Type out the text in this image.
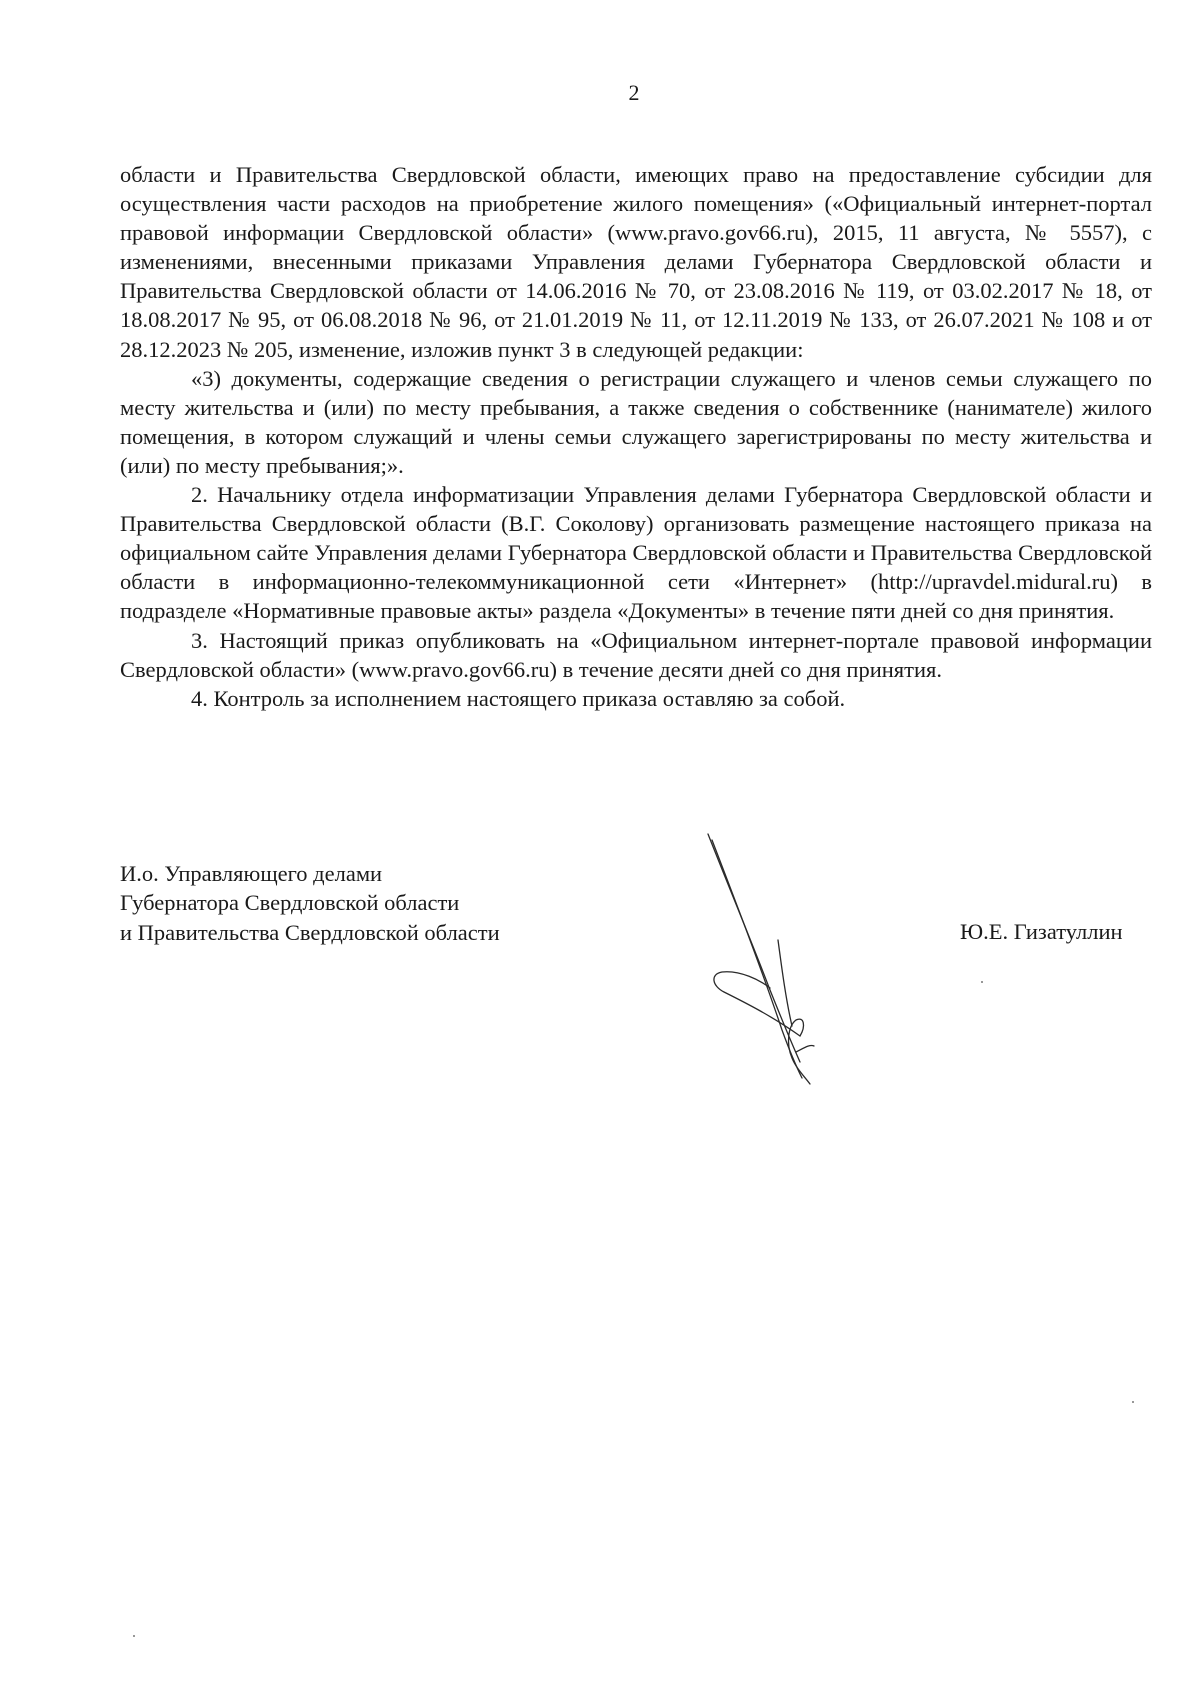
2

области и Правительства Свердловской области, имеющих право на предоставление субсидии для осуществления части расходов на приобретение жилого помещения» («Официальный интернет-портал правовой информации Свердловской области» (www.pravo.gov66.ru), 2015, 11 августа, № 5557), с изменениями, внесенными приказами Управления делами Губернатора Свердловской области и Правительства Свердловской области от 14.06.2016 № 70, от 23.08.2016 № 119, от 03.02.2017 № 18, от 18.08.2017 № 95, от 06.08.2018 № 96, от 21.01.2019 № 11, от 12.11.2019 № 133, от 26.07.2021 № 108 и от 28.12.2023 № 205, изменение, изложив пункт 3 в следующей редакции:

«3) документы, содержащие сведения о регистрации служащего и членов семьи служащего по месту жительства и (или) по месту пребывания, а также сведения о собственнике (нанимателе) жилого помещения, в котором служащий и члены семьи служащего зарегистрированы по месту жительства и (или) по месту пребывания;».

2. Начальнику отдела информатизации Управления делами Губернатора Свердловской области и Правительства Свердловской области (В.Г. Соколову) организовать размещение настоящего приказа на официальном сайте Управления делами Губернатора Свердловской области и Правительства Свердловской области в информационно-телекоммуникационной сети «Интернет» (http://upravdel.midural.ru) в подразделе «Нормативные правовые акты» раздела «Документы» в течение пяти дней со дня принятия.

3. Настоящий приказ опубликовать на «Официальном интернет-портале правовой информации Свердловской области» (www.pravo.gov66.ru) в течение десяти дней со дня принятия.

4. Контроль за исполнением настоящего приказа оставляю за собой.

И.о. Управляющего делами
Губернатора Свердловской области
и Правительства Свердловской области	Ю.Е. Гизатуллин
